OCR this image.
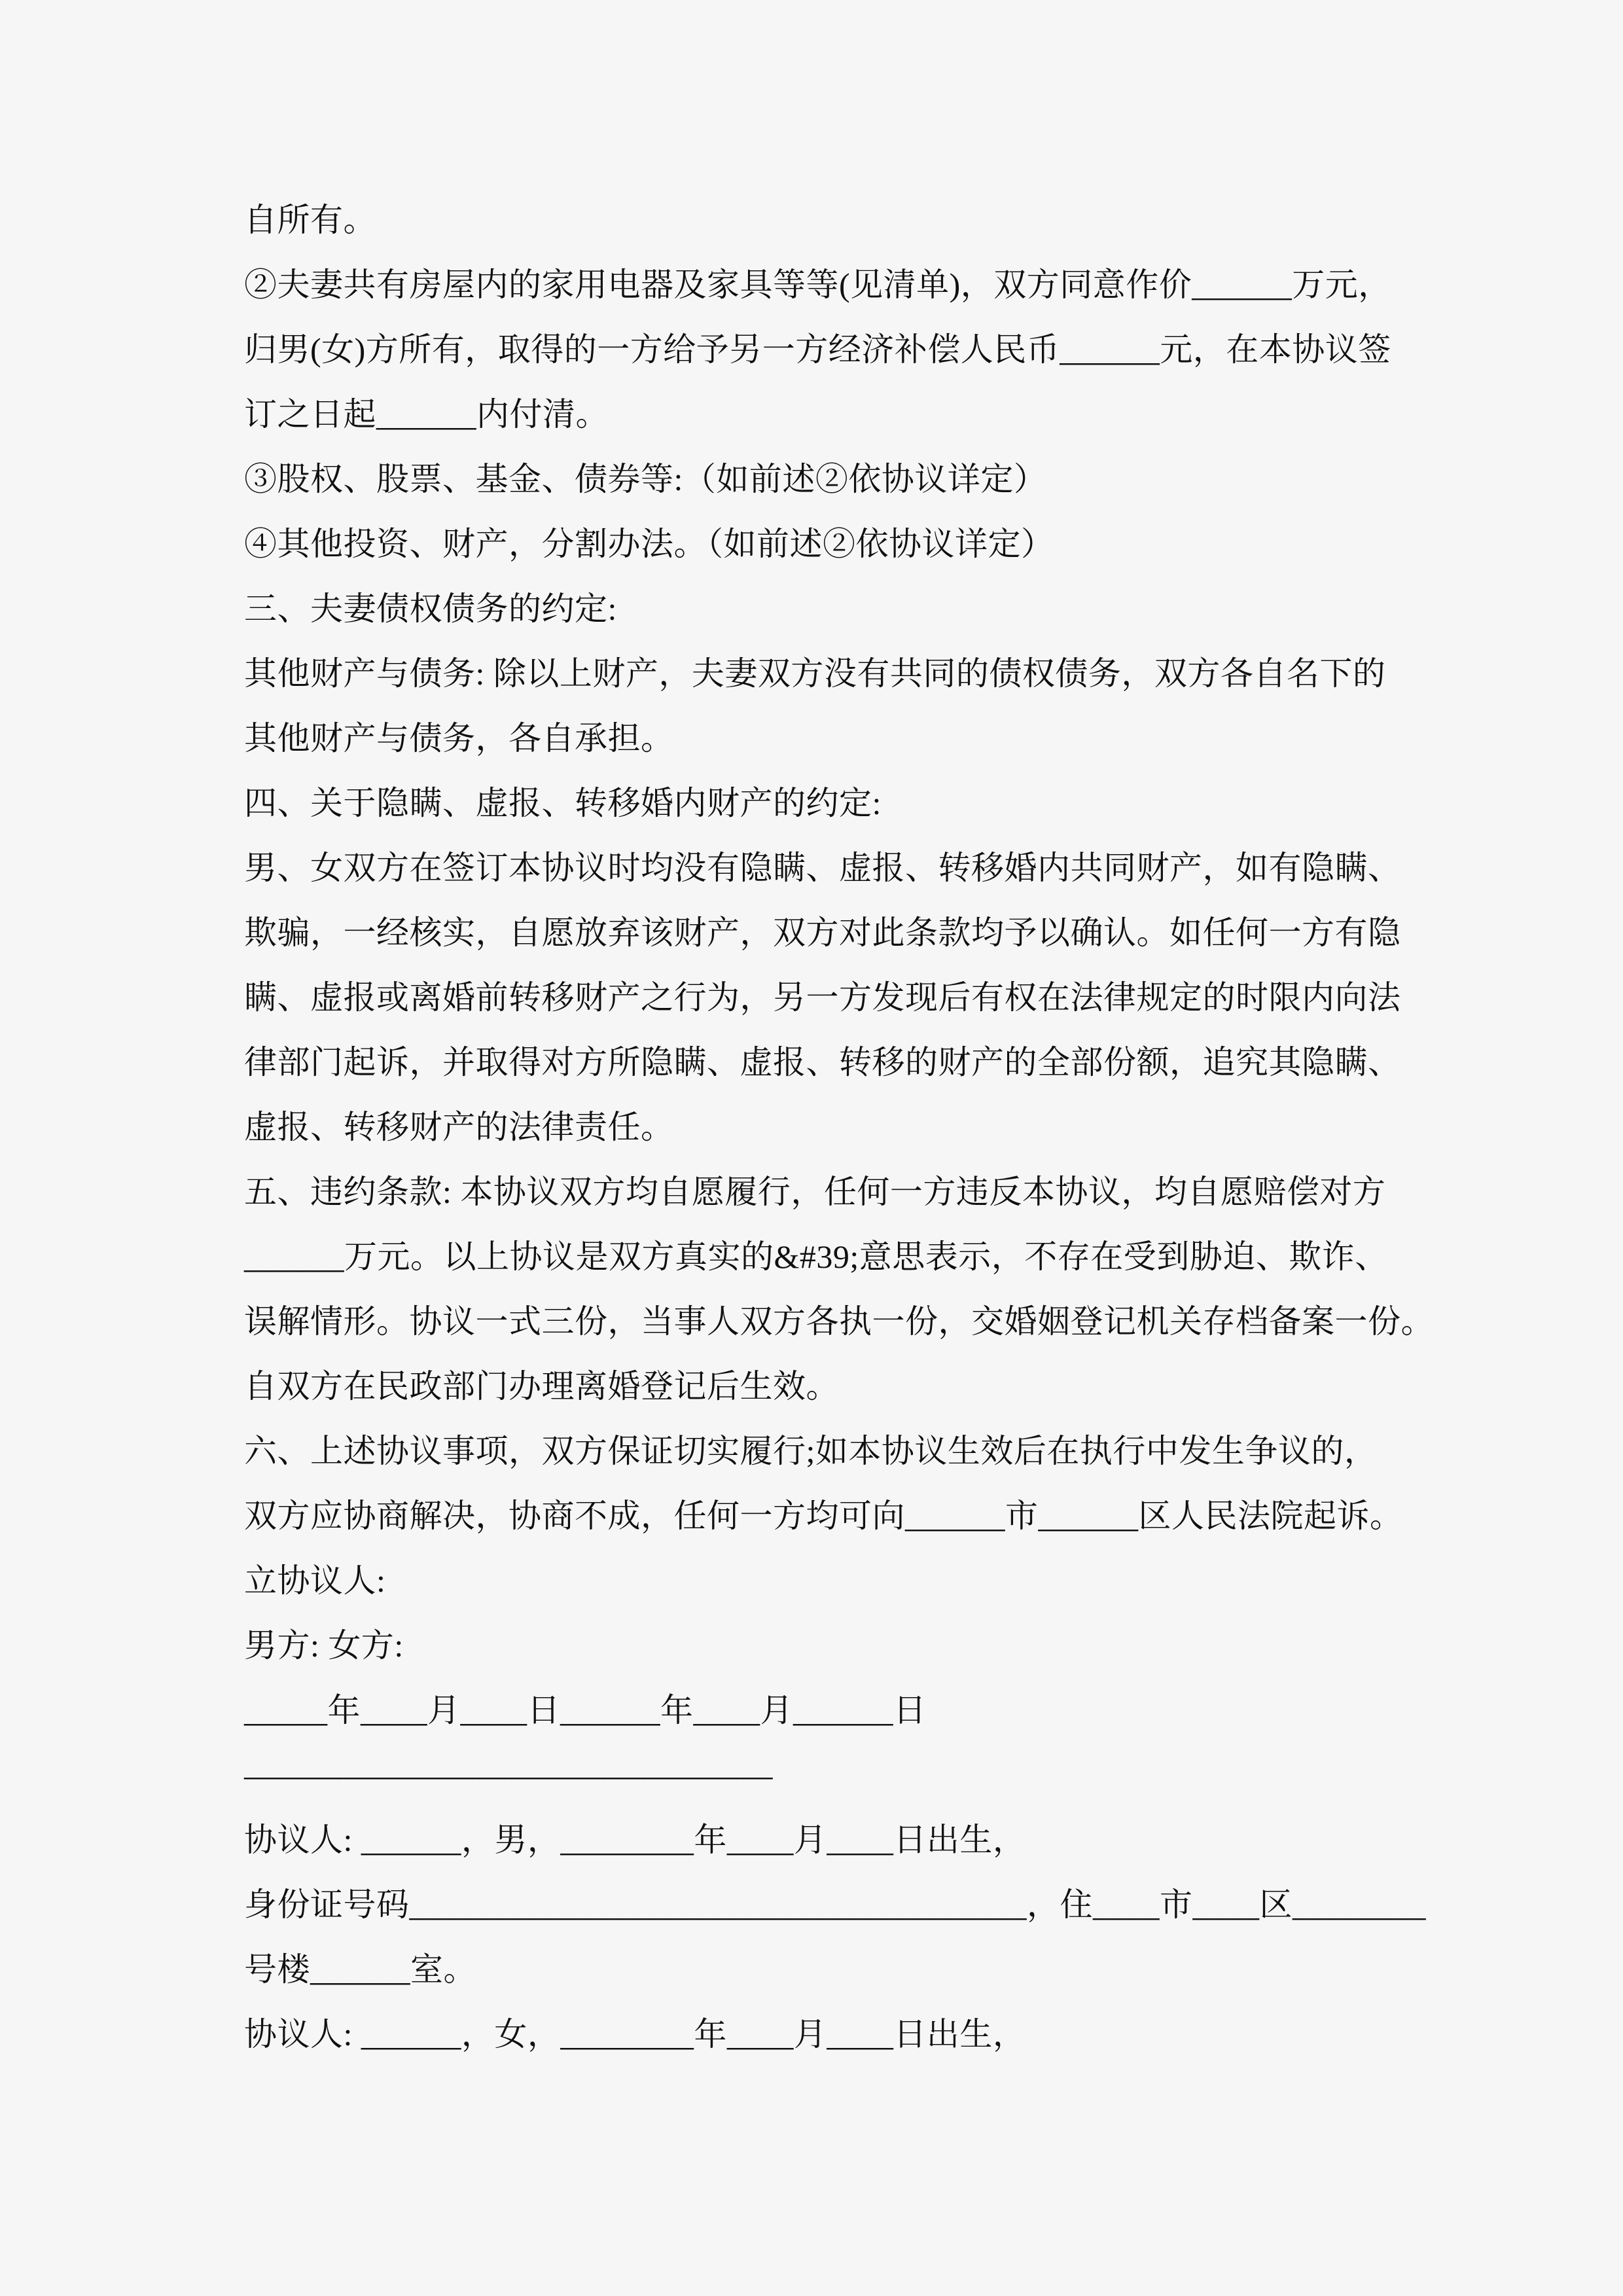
自所有。
②夫妻共有房屋内的家用电器及家具等等(见清单)，双方同意作价______万元，
归男(女)方所有，取得的一方给予另一方经济补偿人民币______元，在本协议签
订之日起______内付清。
③股权、股票、基金、债券等:（如前述②依协议详定）
④其他投资、财产，分割办法。（如前述②依协议详定）
三、夫妻债权债务的约定:
其他财产与债务: 除以上财产，夫妻双方没有共同的债权债务，双方各自名下的
其他财产与债务，各自承担。
四、关于隐瞒、虚报、转移婚内财产的约定:
男、女双方在签订本协议时均没有隐瞒、虚报、转移婚内共同财产，如有隐瞒、
欺骗，一经核实，自愿放弃该财产，双方对此条款均予以确认。如任何一方有隐
瞒、虚报或离婚前转移财产之行为，另一方发现后有权在法律规定的时限内向法
律部门起诉，并取得对方所隐瞒、虚报、转移的财产的全部份额，追究其隐瞒、
虚报、转移财产的法律责任。
五、违约条款: 本协议双方均自愿履行，任何一方违反本协议，均自愿赔偿对方
______万元。以上协议是双方真实的&#39;意思表示，不存在受到胁迫、欺诈、
误解情形。协议一式三份，当事人双方各执一份，交婚姻登记机关存档备案一份。
自双方在民政部门办理离婚登记后生效。
六、上述协议事项，双方保证切实履行;如本协议生效后在执行中发生争议的，
双方应协商解决，协商不成，任何一方均可向______市______区人民法院起诉。
立协议人:
男方: 女方:
_____年____月____日______年____月______日
————————————————
协议人: ______，男，________年____月____日出生，
身份证号码_____________________________________，住____市____区________
号楼______室。
协议人: ______，女，________年____月____日出生，
